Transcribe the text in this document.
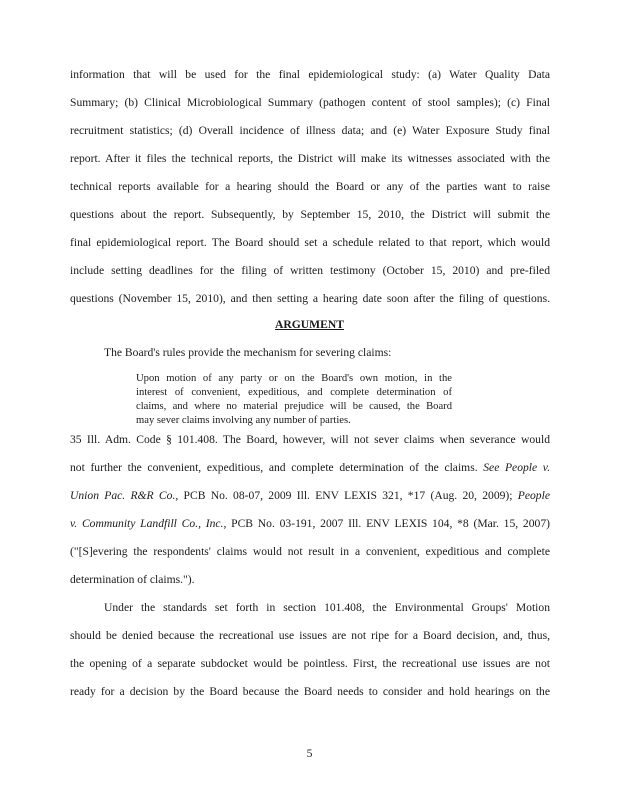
information that will be used for the final epidemiological study: (a) Water Quality Data
Summary; (b) Clinical Microbiological Summary (pathogen content of stool samples); (c) Final
recruitment statistics; (d) Overall incidence of illness data; and (e) Water Exposure Study final
report. After it files the technical reports, the District will make its witnesses associated with the
technical reports available for a hearing should the Board or any of the parties want to raise
questions about the report. Subsequently, by September 15, 2010, the District will submit the
final epidemiological report. The Board should set a schedule related to that report, which would
include setting deadlines for the filing of written testimony (October 15, 2010) and pre-filed
questions (November 15, 2010), and then setting a hearing date soon after the filing of questions.
ARGUMENT
The Board's rules provide the mechanism for severing claims:
Upon motion of any party or on the Board's own motion, in the
interest of convenient, expeditious, and complete determination of
claims, and where no material prejudice will be caused, the Board
may sever claims involving any number of parties.
35 Ill. Adm. Code § 101.408. The Board, however, will not sever claims when severance would
not further the convenient, expeditious, and complete determination of the claims. See People v.
Union Pac. R&R Co., PCB No. 08-07, 2009 Ill. ENV LEXIS 321, *17 (Aug. 20, 2009); People
v. Community Landfill Co., Inc., PCB No. 03-191, 2007 Ill. ENV LEXIS 104, *8 (Mar. 15, 2007)
("[S]evering the respondents' claims would not result in a convenient, expeditious and complete
determination of claims.").
Under the standards set forth in section 101.408, the Environmental Groups' Motion
should be denied because the recreational use issues are not ripe for a Board decision, and, thus,
the opening of a separate subdocket would be pointless. First, the recreational use issues are not
ready for a decision by the Board because the Board needs to consider and hold hearings on the
5
